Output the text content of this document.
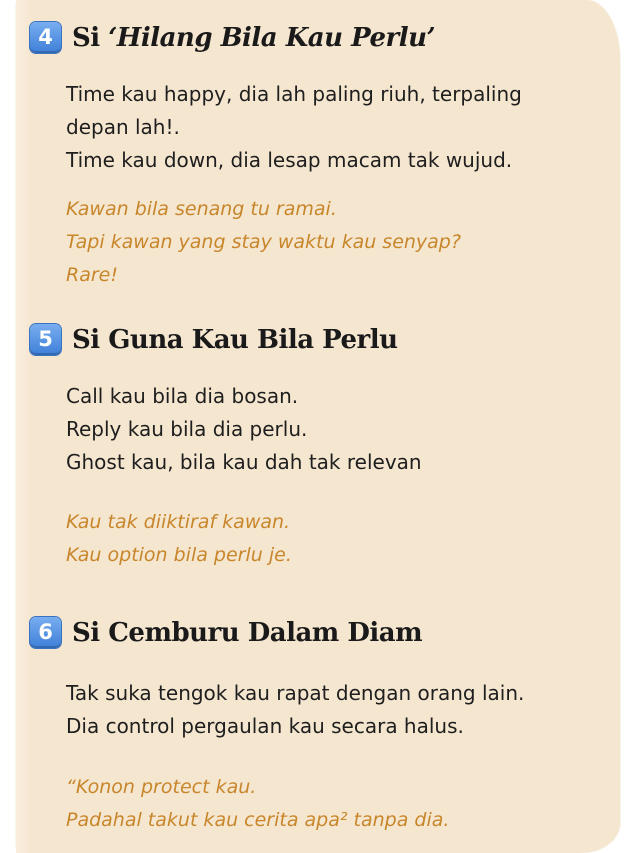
4 Si ‘Hilang Bila Kau Perlu’
Time kau happy, dia lah paling riuh, terpaling
depan lah!.
Time kau down, dia lesap macam tak wujud.
Kawan bila senang tu ramai.
Tapi kawan yang stay waktu kau senyap?
Rare!
5 Si Guna Kau Bila Perlu
Call kau bila dia bosan.
Reply kau bila dia perlu.
Ghost kau, bila kau dah tak relevan
Kau tak diiktiraf kawan.
Kau option bila perlu je.
6 Si Cemburu Dalam Diam
Tak suka tengok kau rapat dengan orang lain.
Dia control pergaulan kau secara halus.
“Konon protect kau.
Padahal takut kau cerita apa² tanpa dia.
